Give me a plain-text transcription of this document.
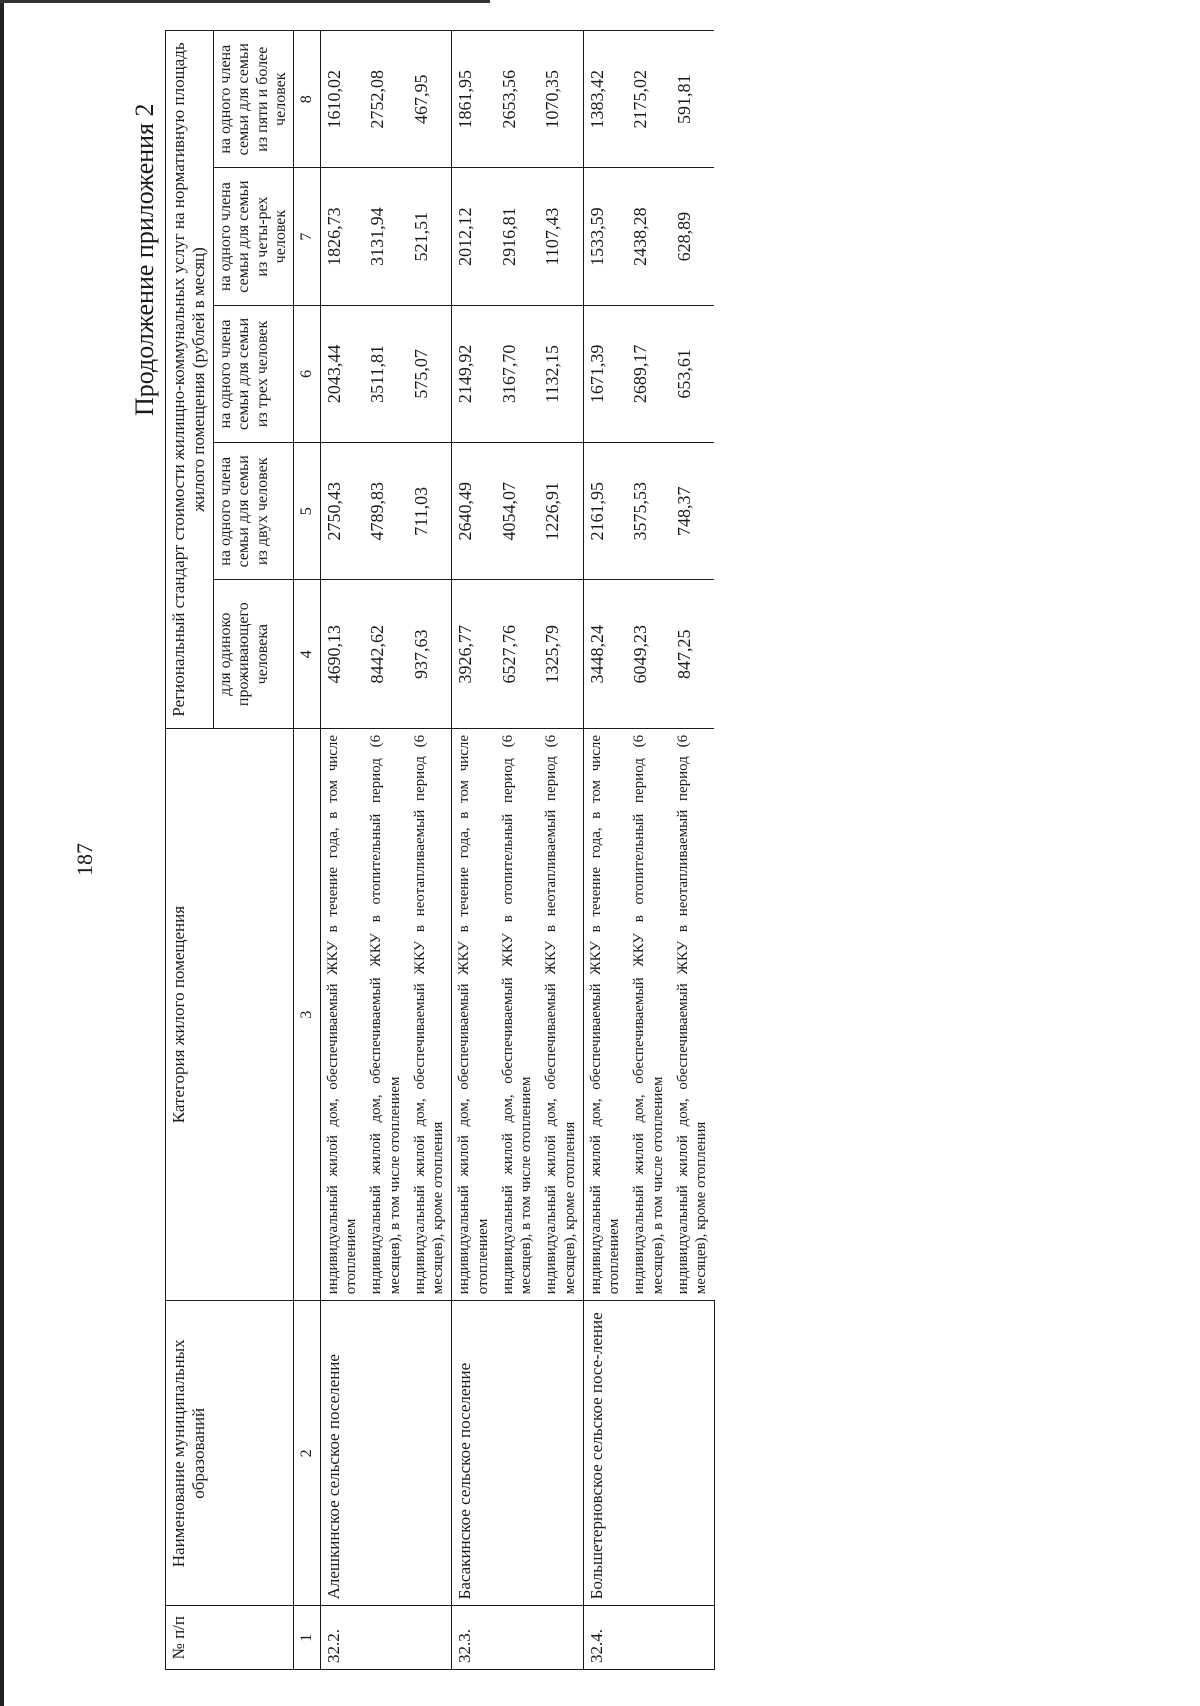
187
Продолжение приложения 2
№ п/п	Наименование муниципальных образований	Категория жилого помещения	Региональный стандарт стоимости жилищно-коммунальных услуг на нормативную площадь жилого помещения (рублей в месяц)				
			для одиноко проживающего человека	на одного члена семьи для семьи из двух человек	на одного члена семьи для семьи из трех человек	на одного члена семьи для семьи из четы-рех человек	на одного члена семьи для семьи из пяти и более человек
1	2	3	4	5	6	7	8
32.2.	Алешкинское сельское поселение	индивидуальный жилой дом, обеспечиваемый ЖКУ в течение года, в том числе отоплением	4690,13	2750,43	2043,44	1826,73	1610,02
		индивидуальный жилой дом, обеспечиваемый ЖКУ в отопительный период (6 месяцев), в том числе отоплением	8442,62	4789,83	3511,81	3131,94	2752,08
		индивидуальный жилой дом, обеспечиваемый ЖКУ в неотапливаемый период (6 месяцев), кроме отопления	937,63	711,03	575,07	521,51	467,95
32.3.	Басакинское сельское поселение	индивидуальный жилой дом, обеспечиваемый ЖКУ в течение года, в том числе отоплением	3926,77	2640,49	2149,92	2012,12	1861,95
		индивидуальный жилой дом, обеспечиваемый ЖКУ в отопительный период (6 месяцев), в том числе отоплением	6527,76	4054,07	3167,70	2916,81	2653,56
		индивидуальный жилой дом, обеспечиваемый ЖКУ в неотапливаемый период (6 месяцев), кроме отопления	1325,79	1226,91	1132,15	1107,43	1070,35
32.4.	Большетерновское сельское посе-ление	индивидуальный жилой дом, обеспечиваемый ЖКУ в течение года, в том числе отоплением	3448,24	2161,95	1671,39	1533,59	1383,42
		индивидуальный жилой дом, обеспечиваемый ЖКУ в отопительный период (6 месяцев), в том числе отоплением	6049,23	3575,53	2689,17	2438,28	2175,02
		индивидуальный жилой дом, обеспечиваемый ЖКУ в неотапливаемый период (6 месяцев), кроме отопления	847,25	748,37	653,61	628,89	591,81
